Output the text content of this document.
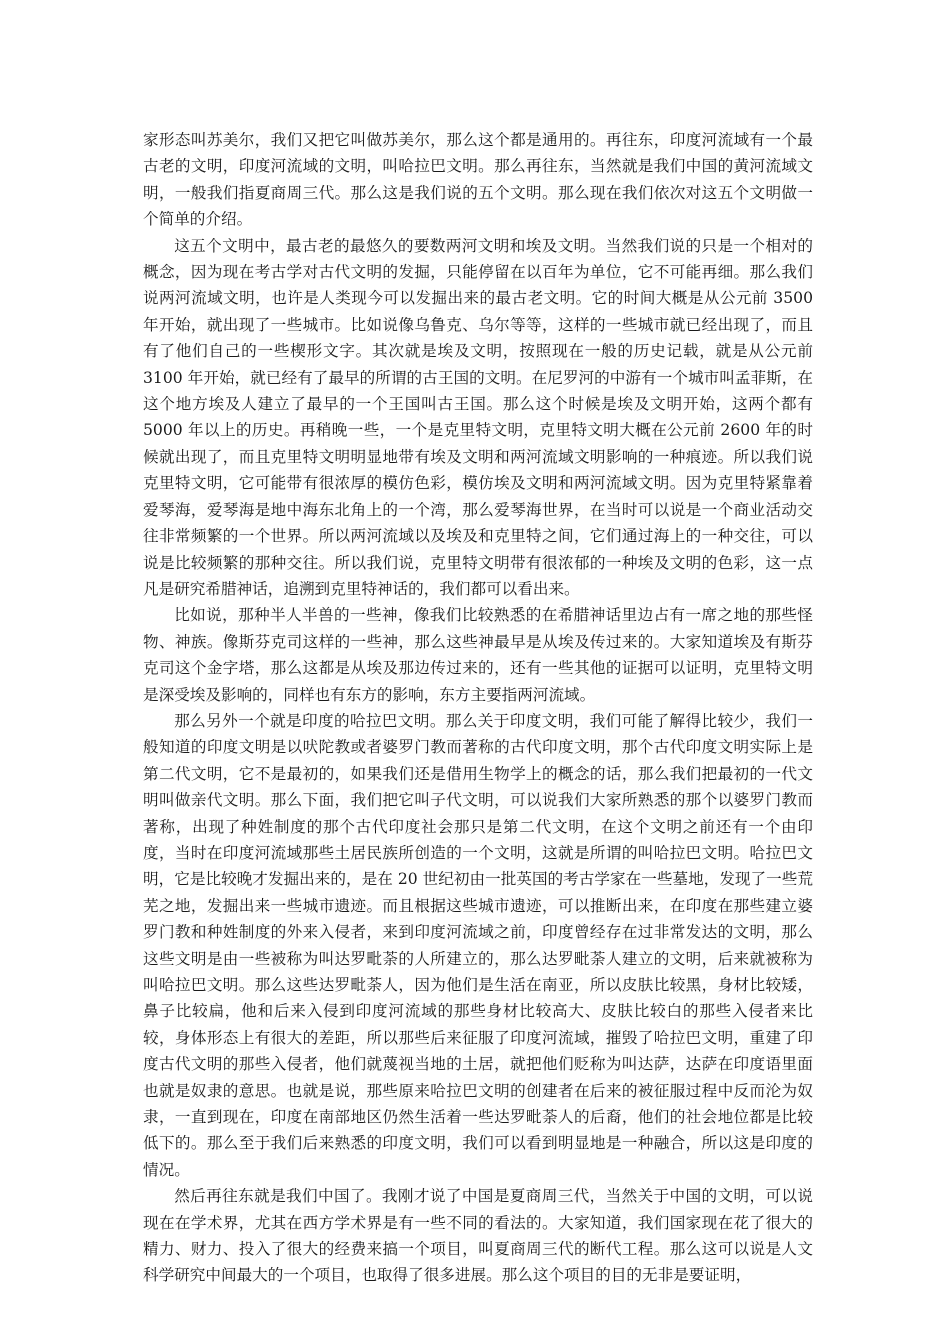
家形态叫苏美尔，我们又把它叫做苏美尔，那么这个都是通用的。再往东，印度河流域有一个最古老的文明，印度河流域的文明，叫哈拉巴文明。那么再往东，当然就是我们中国的黄河流域文明，一般我们指夏商周三代。那么这是我们说的五个文明。那么现在我们依次对这五个文明做一个简单的介绍。

这五个文明中，最古老的最悠久的要数两河文明和埃及文明。当然我们说的只是一个相对的概念，因为现在考古学对古代文明的发掘，只能停留在以百年为单位，它不可能再细。那么我们说两河流域文明，也许是人类现今可以发掘出来的最古老文明。它的时间大概是从公元前 3500 年开始，就出现了一些城市。比如说像乌鲁克、乌尔等等，这样的一些城市就已经出现了，而且有了他们自己的一些楔形文字。其次就是埃及文明，按照现在一般的历史记载，就是从公元前 3100 年开始，就已经有了最早的所谓的古王国的文明。在尼罗河的中游有一个城市叫孟菲斯，在这个地方埃及人建立了最早的一个王国叫古王国。那么这个时候是埃及文明开始，这两个都有 5000 年以上的历史。再稍晚一些，一个是克里特文明，克里特文明大概在公元前 2600 年的时候就出现了，而且克里特文明明显地带有埃及文明和两河流域文明影响的一种痕迹。所以我们说克里特文明，它可能带有很浓厚的模仿色彩，模仿埃及文明和两河流域文明。因为克里特紧靠着爱琴海，爱琴海是地中海东北角上的一个湾，那么爱琴海世界，在当时可以说是一个商业活动交往非常频繁的一个世界。所以两河流域以及埃及和克里特之间，它们通过海上的一种交往，可以说是比较频繁的那种交往。所以我们说，克里特文明带有很浓郁的一种埃及文明的色彩，这一点凡是研究希腊神话，追溯到克里特神话的，我们都可以看出来。

比如说，那种半人半兽的一些神，像我们比较熟悉的在希腊神话里边占有一席之地的那些怪物、神族。像斯芬克司这样的一些神，那么这些神最早是从埃及传过来的。大家知道埃及有斯芬克司这个金字塔，那么这都是从埃及那边传过来的，还有一些其他的证据可以证明，克里特文明是深受埃及影响的，同样也有东方的影响，东方主要指两河流域。

那么另外一个就是印度的哈拉巴文明。那么关于印度文明，我们可能了解得比较少，我们一般知道的印度文明是以吠陀教或者婆罗门教而著称的古代印度文明，那个古代印度文明实际上是第二代文明，它不是最初的，如果我们还是借用生物学上的概念的话，那么我们把最初的一代文明叫做亲代文明。那么下面，我们把它叫子代文明，可以说我们大家所熟悉的那个以婆罗门教而著称，出现了种姓制度的那个古代印度社会那只是第二代文明，在这个文明之前还有一个由印度，当时在印度河流域那些土居民族所创造的一个文明，这就是所谓的叫哈拉巴文明。哈拉巴文明，它是比较晚才发掘出来的，是在 20 世纪初由一批英国的考古学家在一些墓地，发现了一些荒芜之地，发掘出来一些城市遗迹。而且根据这些城市遗迹，可以推断出来，在印度在那些建立婆罗门教和种姓制度的外来入侵者，来到印度河流域之前，印度曾经存在过非常发达的文明，那么这些文明是由一些被称为叫达罗毗荼的人所建立的，那么达罗毗荼人建立的文明，后来就被称为叫哈拉巴文明。那么这些达罗毗荼人，因为他们是生活在南亚，所以皮肤比较黑，身材比较矮，鼻子比较扁，他和后来入侵到印度河流域的那些身材比较高大、皮肤比较白的那些入侵者来比较，身体形态上有很大的差距，所以那些后来征服了印度河流域，摧毁了哈拉巴文明，重建了印度古代文明的那些入侵者，他们就蔑视当地的土居，就把他们贬称为叫达萨，达萨在印度语里面也就是奴隶的意思。也就是说，那些原来哈拉巴文明的创建者在后来的被征服过程中反而沦为奴隶，一直到现在，印度在南部地区仍然生活着一些达罗毗荼人的后裔，他们的社会地位都是比较低下的。那么至于我们后来熟悉的印度文明，我们可以看到明显地是一种融合，所以这是印度的情况。

然后再往东就是我们中国了。我刚才说了中国是夏商周三代，当然关于中国的文明，可以说现在在学术界，尤其在西方学术界是有一些不同的看法的。大家知道，我们国家现在花了很大的精力、财力、投入了很大的经费来搞一个项目，叫夏商周三代的断代工程。那么这可以说是人文科学研究中间最大的一个项目，也取得了很多进展。那么这个项目的目的无非是要证明，
